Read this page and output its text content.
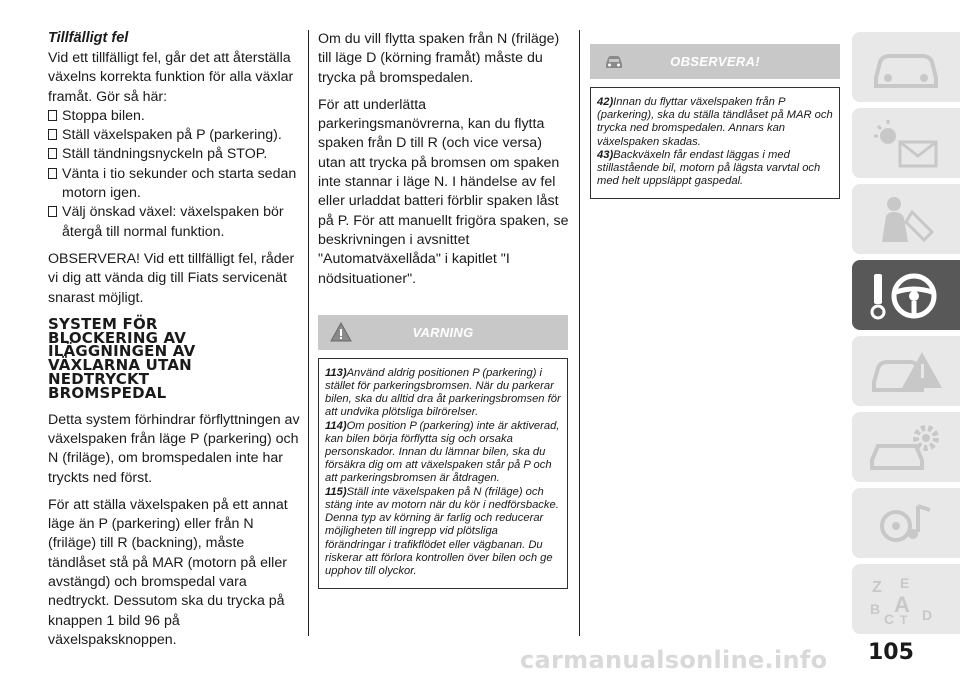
Tillfälligt fel

Vid ett tillfälligt fel, går det att återställa växelns korrekta funktion för alla växlar framåt. Gör så här:

Stoppa bilen.
Ställ växelspaken på P (parkering).
Ställ tändningsnyckeln på STOP.
Vänta i tio sekunder och starta sedan motorn igen.
Välj önskad växel: växelspaken bör återgå till normal funktion.

OBSERVERA! Vid ett tillfälligt fel, råder vi dig att vända dig till Fiats servicenät snarast möjligt.

SYSTEM FÖR
BLOCKERING AV
ILÄGGNINGEN AV
VÄXLARNA UTAN
NEDTRYCKT
BROMSPEDAL

Detta system förhindrar förflyttningen av växelspaken från läge P (parkering) och N (friläge), om bromspedalen inte har tryckts ned först.

För att ställa växelspaken på ett annat läge än P (parkering) eller från N (friläge) till R (backning), måste tändlåset stå på MAR (motorn på eller avstängd) och bromspedal vara nedtryckt. Dessutom ska du trycka på knappen 1 bild 96 på växelspaksknoppen.

Om du vill flytta spaken från N (friläge) till läge D (körning framåt) måste du trycka på bromspedalen.

För att underlätta parkeringsmanövrerna, kan du flytta spaken från D till R (och vice versa) utan att trycka på bromsen om spaken inte stannar i läge N. I händelse av fel eller urladdat batteri förblir spaken låst på P. För att manuellt frigöra spaken, se beskrivningen i avsnittet "Automatväxellåda" i kapitlet "I nödsituationer".

VARNING
113)Använd aldrig positionen P (parkering) i stället för parkeringsbromsen. När du parkerar bilen, ska du alltid dra åt parkeringsbromsen för att undvika plötsliga bilrörelser.
114)Om position P (parkering) inte är aktiverad, kan bilen börja förflytta sig och orsaka personskador. Innan du lämnar bilen, ska du försäkra dig om att växelspaken står på P och att parkeringsbromsen är åtdragen.
115)Ställ inte växelspaken på N (friläge) och stäng inte av motorn när du kör i nedförsbacke. Denna typ av körning är farlig och reducerar möjligheten till ingrepp vid plötsliga förändringar i trafikflödet eller vägbanan. Du riskerar att förlora kontrollen över bilen och ge upphov till olyckor.
OBSERVERA!
42)Innan du flyttar växelspaken från P (parkering), ska du ställa tändlåset på MAR och trycka ned bromspedalen. Annars kan växelspaken skadas.
43)Backväxeln får endast läggas i med stillastående bil, motorn på lägsta varvtal och med helt uppsläppt gaspedal.
Z E
B A
C T D
carmanualsonline.info 105
